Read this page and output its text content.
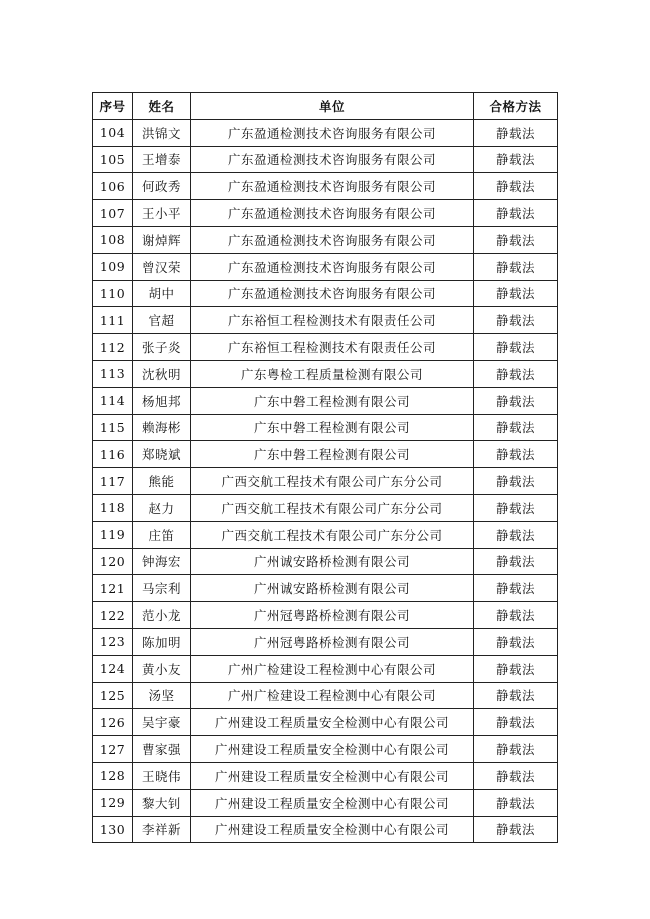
序号	姓名	单位	合格方法
104	洪锦文	广东盈通检测技术咨询服务有限公司	静载法
105	王增泰	广东盈通检测技术咨询服务有限公司	静载法
106	何政秀	广东盈通检测技术咨询服务有限公司	静载法
107	王小平	广东盈通检测技术咨询服务有限公司	静载法
108	谢焯辉	广东盈通检测技术咨询服务有限公司	静载法
109	曾汉荣	广东盈通检测技术咨询服务有限公司	静载法
110	胡中	广东盈通检测技术咨询服务有限公司	静载法
111	官超	广东裕恒工程检测技术有限责任公司	静载法
112	张子炎	广东裕恒工程检测技术有限责任公司	静载法
113	沈秋明	广东粤检工程质量检测有限公司	静载法
114	杨旭邦	广东中磐工程检测有限公司	静载法
115	赖海彬	广东中磐工程检测有限公司	静载法
116	郑晓斌	广东中磐工程检测有限公司	静载法
117	熊能	广西交航工程技术有限公司广东分公司	静载法
118	赵力	广西交航工程技术有限公司广东分公司	静载法
119	庄笛	广西交航工程技术有限公司广东分公司	静载法
120	钟海宏	广州诚安路桥检测有限公司	静载法
121	马宗利	广州诚安路桥检测有限公司	静载法
122	范小龙	广州冠粤路桥检测有限公司	静载法
123	陈加明	广州冠粤路桥检测有限公司	静载法
124	黄小友	广州广检建设工程检测中心有限公司	静载法
125	汤坚	广州广检建设工程检测中心有限公司	静载法
126	吴宇豪	广州建设工程质量安全检测中心有限公司	静载法
127	曹家强	广州建设工程质量安全检测中心有限公司	静载法
128	王晓伟	广州建设工程质量安全检测中心有限公司	静载法
129	黎大钊	广州建设工程质量安全检测中心有限公司	静载法
130	李祥新	广州建设工程质量安全检测中心有限公司	静载法
